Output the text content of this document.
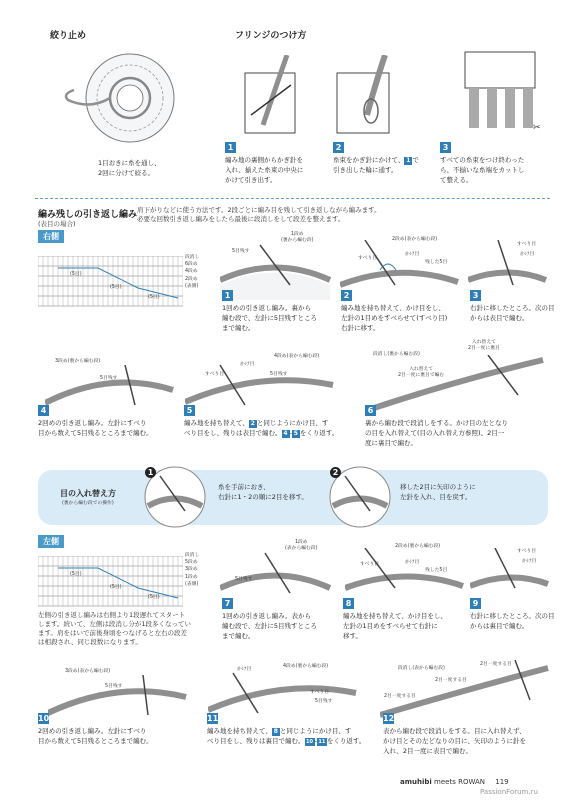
絞り止め
1目おきに糸を通し、
2回に分けて絞る。
フリンジのつけ方
✂
1
編み地の裏側からかぎ針を
入れ、揃えた糸束の中央に
かけて引き出す。
2
糸束をかぎ針にかけて、 1 で
引き出した輪に通す。
3
すべての糸束をつけ終わった
ら、不揃いな糸端をカットし
て整える。
編み残しの引き返し編み
(表目の場合)
肩下がりなどに使う方法です。2段ごとに編み目を残して引き返しながら編みます。
必要な回数引き返し編みをしたら最後に段消しをして段差を整えます。
右側
段消し
6段め
4段め
2段め
(表側)
(5目)
(5目)
(5目)
1段め
(裏から編む段)
5目残す
1
1回めの引き返し編み。裏から
編む段で、左針に5目残すところ
まで編む。
2段め(表から編む段)
すべり目
かけ目
残した5目
2
編み地を持ち替えて、かけ目をし、
左針の1目めをすべらせて(すべり目)
右針に移す。
すべり目
かけ目
3
右針に移したところ。次の目
からは表目で編む。
3段め(裏から編む段)
5目残す
4
2回めの引き返し編み。左針にすべり
目から数えて5目残るところまで編む。
4段め(表から編む段)
かけ目
すべり目	5目残す
5
編み地を持ち替えて、 2 と同じようにかけ目、す
べり目をし、残りは表目で編む。 4 - 5 をくり返す。
段消し(裏から編む段)
入れ替えて
2目一度に裏目で編む
入れ替えて
2目一度に裏目
6
裏から編む段で段消しをする。かけ目の左となり
の目を入れ替えて(目の入れ替え方参照)、2目一
度に裏目で編む。
目の入れ替え方
(裏から編む段での操作)
1
糸を手前におき、
右針に1・2の順に2目を移す。
2
移した2目に矢印のように
左針を入れ、目を戻す。
左側
段消し
5段め
3段め
1段め
(表側)
(5目)
(5目)
(5目)
左側の引き返し編みは右側より1段遅れてスタート
します。続いて、左側は段消し分が1段多くなってい
ます。肩をはいで前後身頃をつなげると左右の段差
は相殺され、同じ段数になります。
1段め
(表から編む段)
5目残す
7
1回めの引き返し編み。表から
編む段で、左針に5目残すところ
まで編む。
2段め(裏から編む段)
すべり目	かけ目
残した5目
8
編み地を持ち替えて、かけ目をし、
左針の1目めをすべらせて右針に
移す。
すべり目
かけ目
9
右針に移したところ。次の目
からは裏目で編む。
3段め(表から編む段)
5目残す
10
2回めの引き返し編み。左針にすべり
目から数えて5目残るところまで編む。
4段め(裏から編む段)
かけ目
すべり目
5目残す
11
編み地を持ち替えて、 8 と同じようにかけ目、す
べり目をし、残りは裏目で編む。 10 - 11 をくり返す。
段消し(表から編む段)
2目一度する目
2目一度する目
2目一度する目
12
表から編む段で段消しをする。目に入れ替えず、
かけ目とその左どなりの目に、矢印のように針を
入れ、2目一度に表目で編む。
amuhibi meets ROWAN 119
PassionForum.ru
